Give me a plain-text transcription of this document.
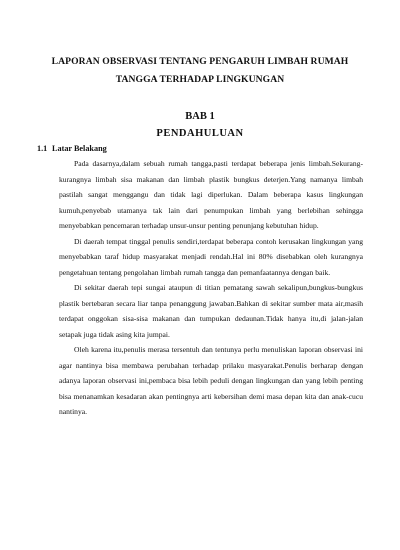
LAPORAN OBSERVASI TENTANG PENGARUH LIMBAH RUMAH
TANGGA TERHADAP LINGKUNGAN
BAB 1
PENDAHULUAN
1.1 Latar Belakang

Pada dasarnya,dalam sebuah rumah tangga,pasti terdapat beberapa jenis limbah.Sekurang-kurangnya limbah sisa makanan dan limbah plastik bungkus deterjen.Yang namanya limbah pastilah sangat menggangu dan tidak lagi diperlukan. Dalam beberapa kasus lingkungan kumuh,penyebab utamanya tak lain dari penumpukan limbah yang berlebihan sehingga menyebabkan pencemaran terhadap unsur-unsur penting penunjang kebutuhan hidup.

Di daerah tempat tinggal penulis sendiri,terdapat beberapa contoh kerusakan lingkungan yang menyebabkan taraf hidup masyarakat menjadi rendah.Hal ini 80% disebabkan oleh kurangnya pengetahuan tentang pengolahan limbah rumah tangga dan pemanfaatannya dengan baik.

Di sekitar daerah tepi sungai ataupun di titian pematang sawah sekalipun,bungkus-bungkus plastik bertebaran secara liar tanpa penanggung jawaban.Bahkan di sekitar sumber mata air,masih terdapat onggokan sisa-sisa makanan dan tumpukan dedaunan.Tidak hanya itu,di jalan-jalan setapak juga tidak asing kita jumpai.

Oleh karena itu,penulis merasa tersentuh dan tentunya perlu menuliskan laporan observasi ini agar nantinya bisa membawa perubahan terhadap prilaku masyarakat.Penulis berharap dengan adanya laporan observasi ini,pembaca bisa lebih peduli dengan lingkungan dan yang lebih penting bisa menanamkan kesadaran akan pentingnya arti kebersihan demi masa depan kita dan anak-cucu nantinya.
